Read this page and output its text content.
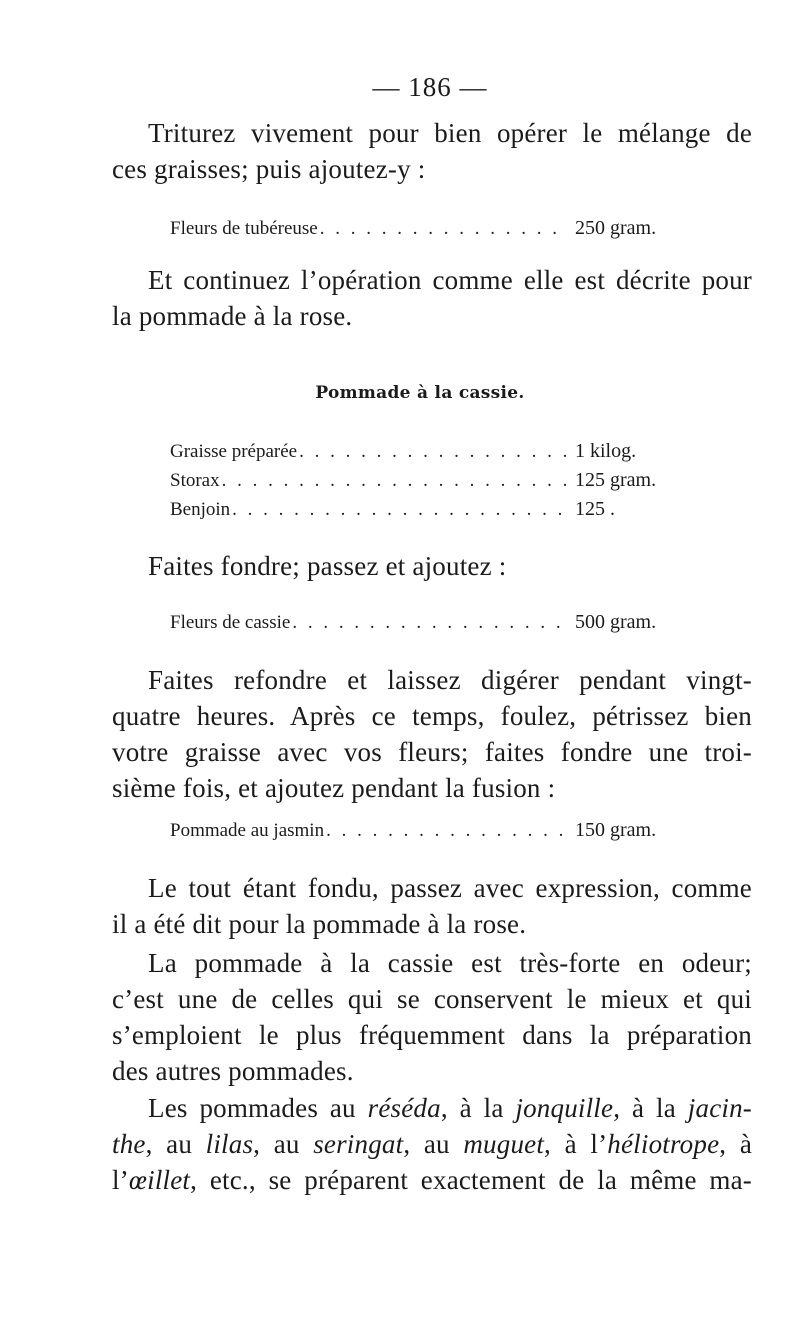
— 186 —
Triturez vivement pour bien opérer le mélange de
ces graisses; puis ajoutez-y :
Fleurs de tubéreuse . . .	250 gram.
Et continuez l’opération comme elle est décrite pour
la pommade à la rose.
Pommade à la cassie.
Graisse préparée . . .	1 kilog.
Storax . . .	125 gram.
Benjoin . . .	125 .
Faites fondre; passez et ajoutez :
Fleurs de cassie . . .	500 gram.
Faites refondre et laissez digérer pendant vingt-
quatre heures. Après ce temps, foulez, pétrissez bien
votre graisse avec vos fleurs; faites fondre une troi-
sième fois, et ajoutez pendant la fusion :
Pommade au jasmin . . .	150 gram.
Le tout étant fondu, passez avec expression, comme
il a été dit pour la pommade à la rose.
La pommade à la cassie est très-forte en odeur;
c’est une de celles qui se conservent le mieux et qui
s’emploient le plus fréquemment dans la préparation
des autres pommades.
Les pommades au réséda, à la jonquille, à la jacin-
the, au lilas, au seringat, au muguet, à l’héliotrope, à
l’œillet, etc., se préparent exactement de la même ma-
